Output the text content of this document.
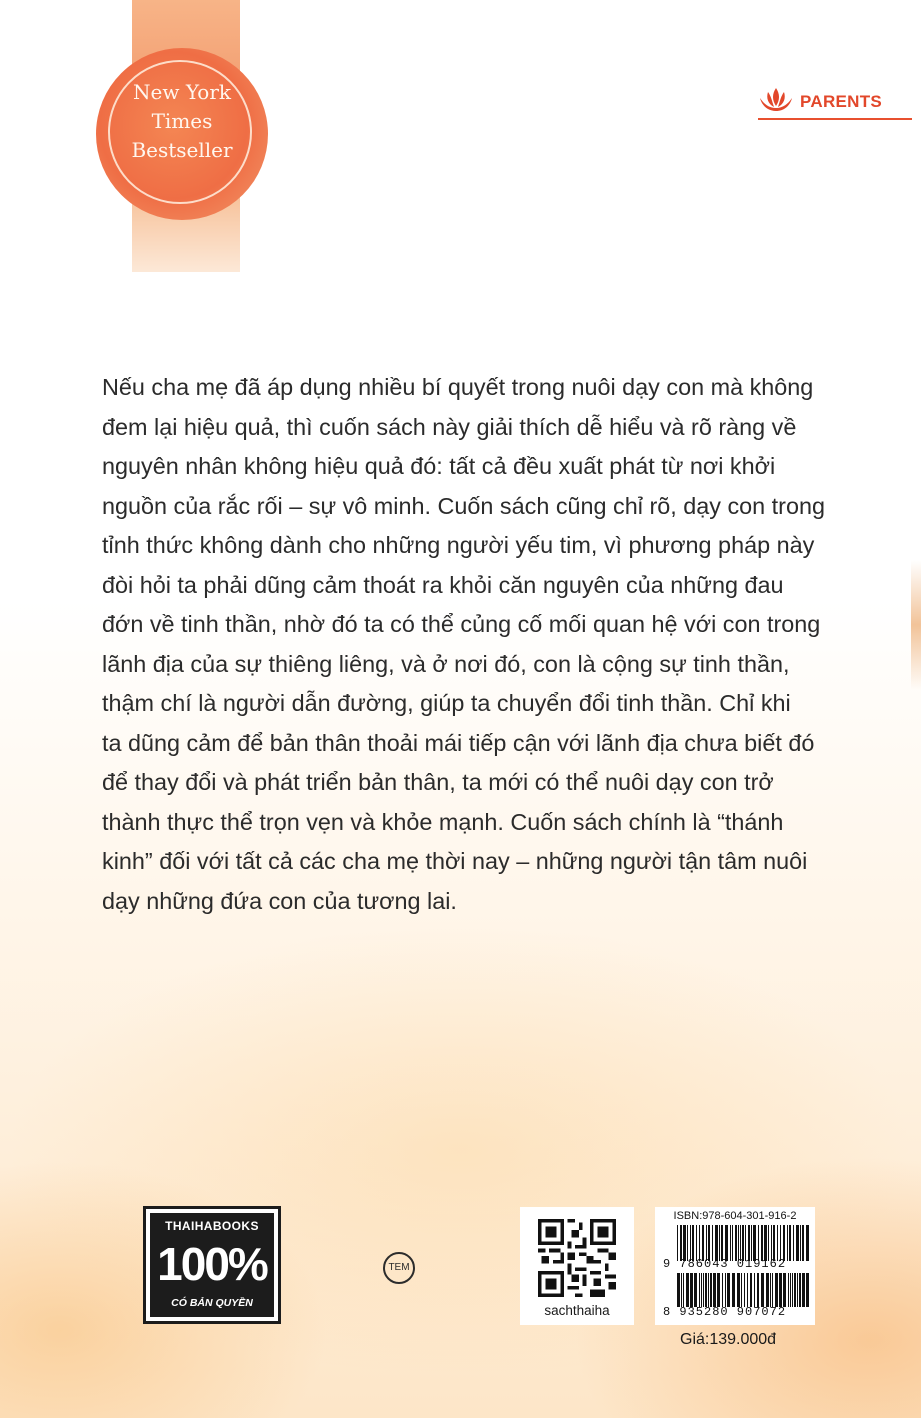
New York
Times
Bestseller
PARENTS
Nếu cha mẹ đã áp dụng nhiều bí quyết trong nuôi dạy con mà không
đem lại hiệu quả, thì cuốn sách này giải thích dễ hiểu và rõ ràng về
nguyên nhân không hiệu quả đó: tất cả đều xuất phát từ nơi khởi
nguồn của rắc rối – sự vô minh. Cuốn sách cũng chỉ rõ, dạy con trong
tỉnh thức không dành cho những người yếu tim, vì phương pháp này
đòi hỏi ta phải dũng cảm thoát ra khỏi căn nguyên của những đau
đớn về tinh thần, nhờ đó ta có thể củng cố mối quan hệ với con trong
lãnh địa của sự thiêng liêng, và ở nơi đó, con là cộng sự tinh thần,
thậm chí là người dẫn đường, giúp ta chuyển đổi tinh thần. Chỉ khi
ta dũng cảm để bản thân thoải mái tiếp cận với lãnh địa chưa biết đó
để thay đổi và phát triển bản thân, ta mới có thể nuôi dạy con trở
thành thực thể trọn vẹn và khỏe mạnh. Cuốn sách chính là “thánh
kinh” đối với tất cả các cha mẹ thời nay – những người tận tâm nuôi
dạy những đứa con của tương lai.
THAIHABOOKS
100%
CÓ BẢN QUYỀN
TEM
sachthaiha
ISBN:978-604-301-916-2
9 786043 019162
8 935280 907072
Giá:139.000đ
